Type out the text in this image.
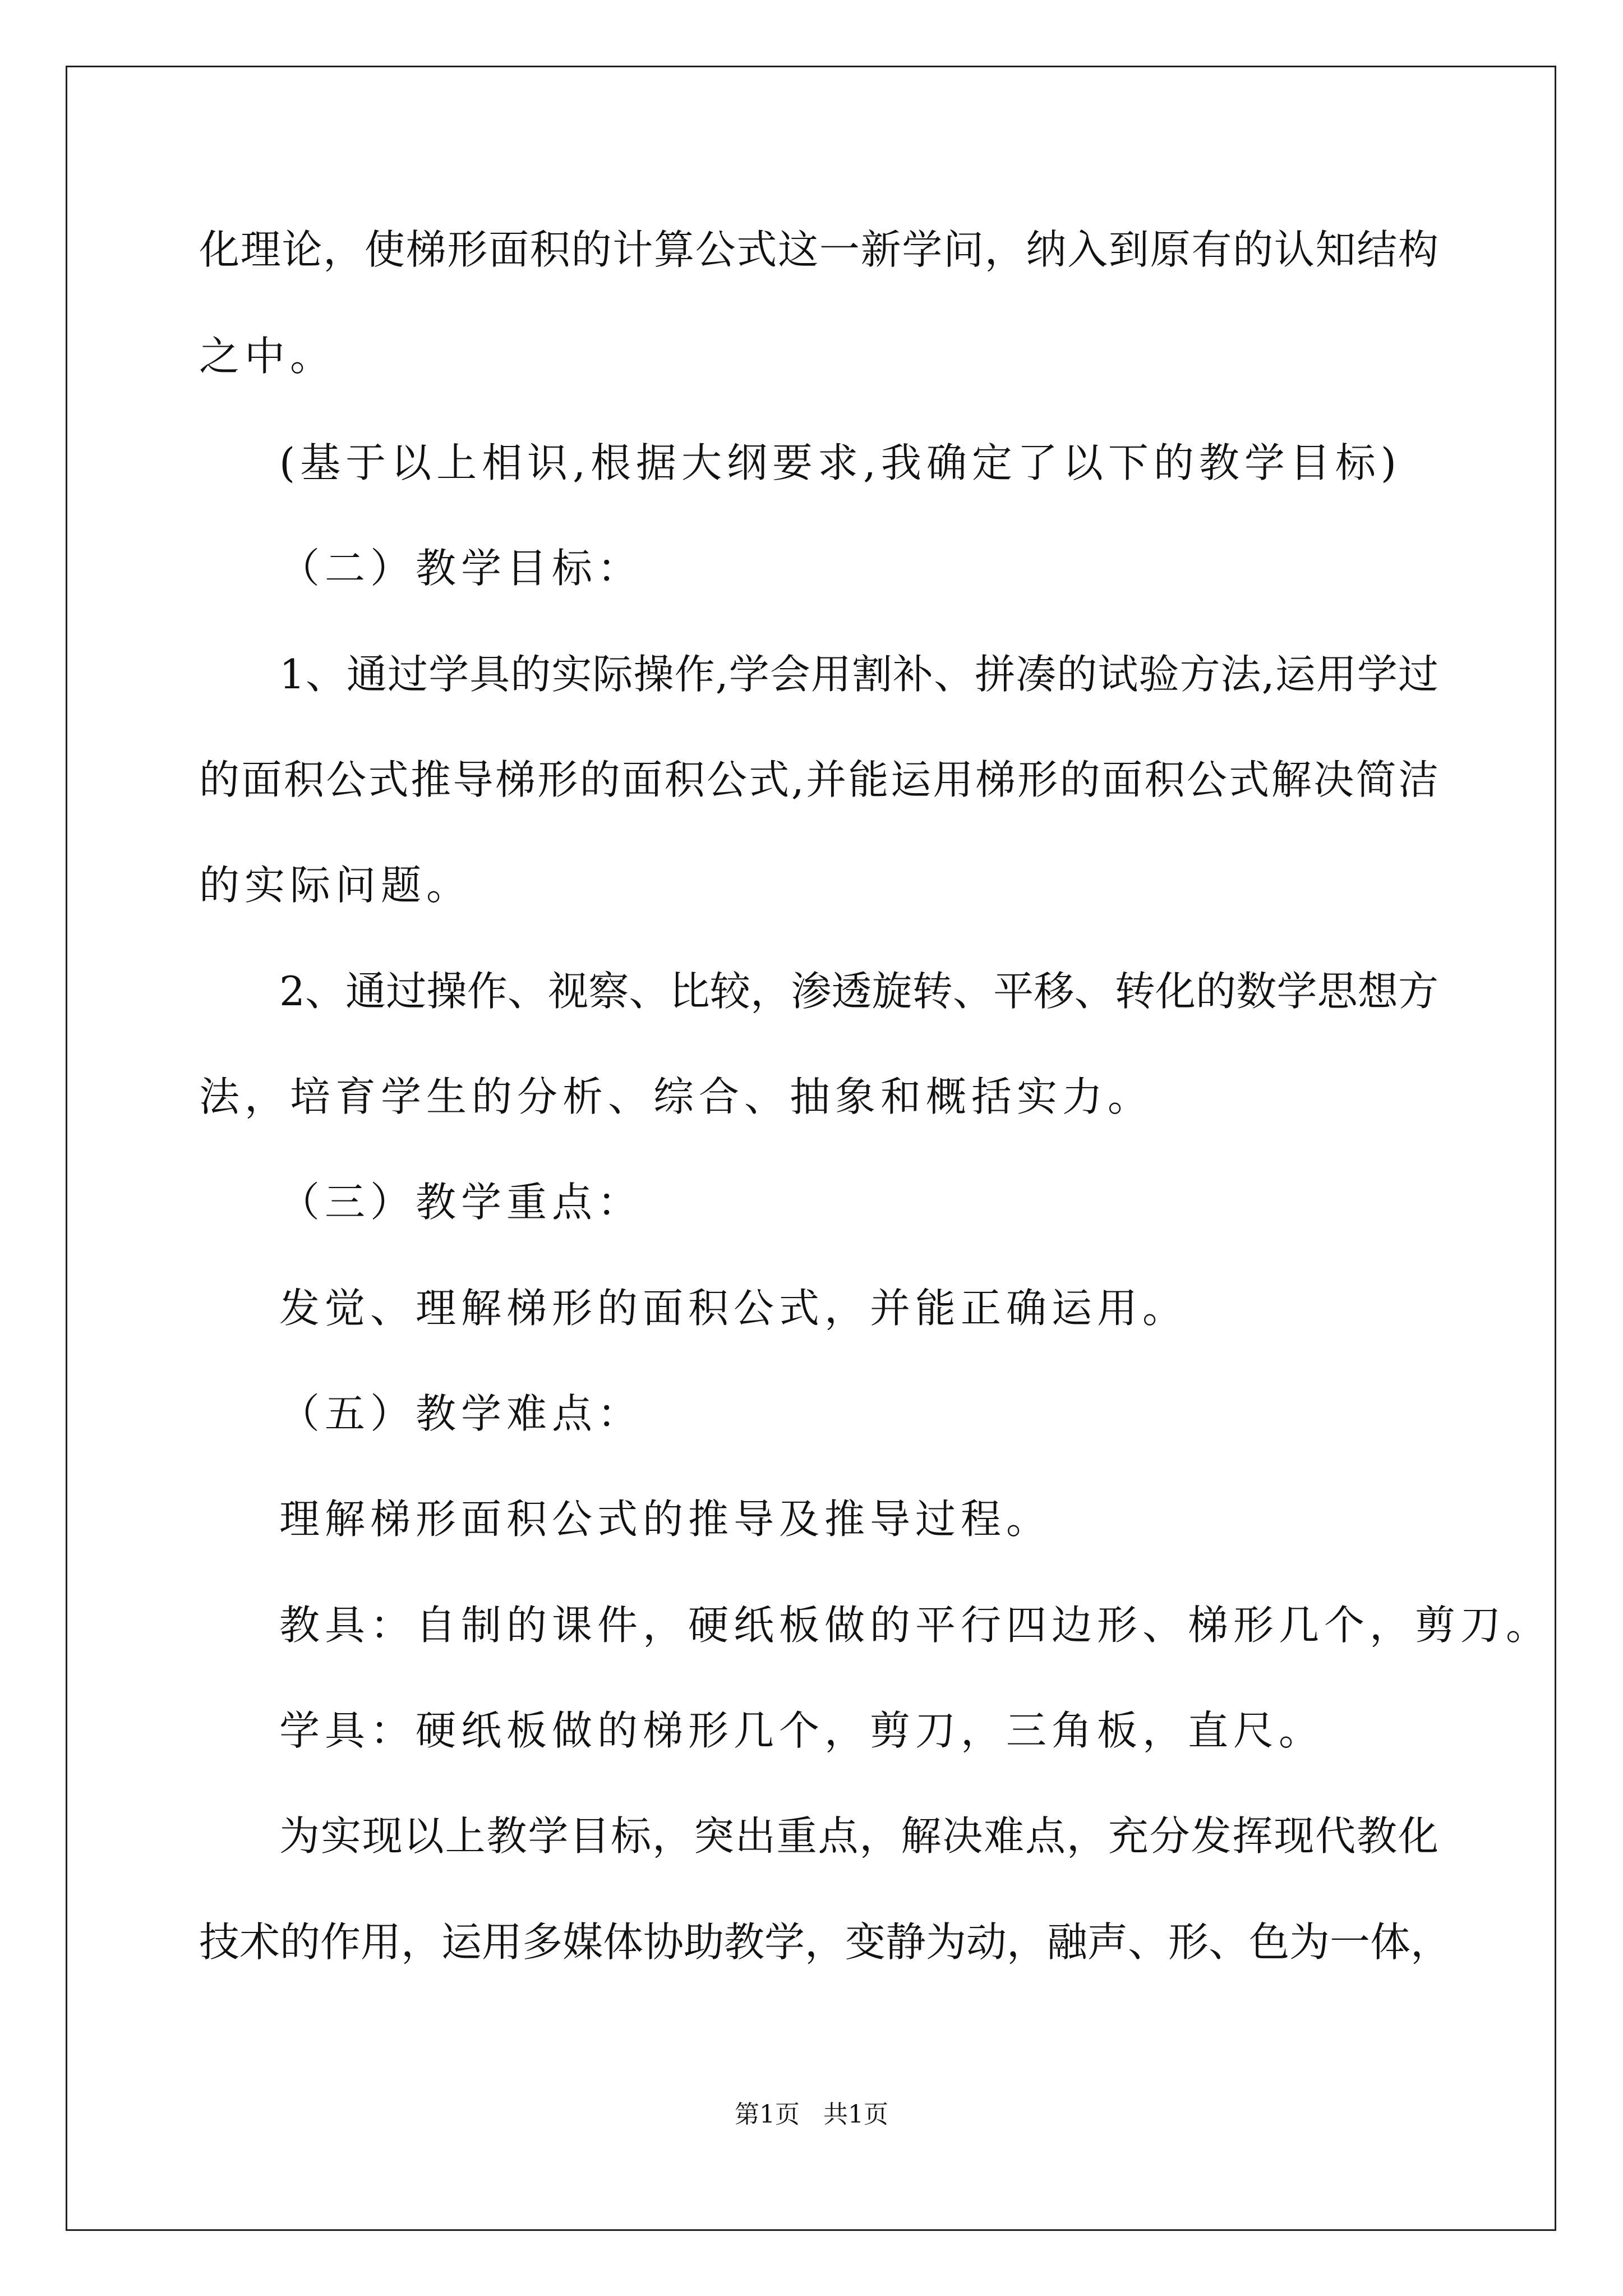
化理论，使梯形面积的计算公式这一新学问，纳入到原有的认知结构
之中。
(基于以上相识,根据大纲要求,我确定了以下的教学目标)
（二）教学目标：
1、通过学具的实际操作,学会用割补、拼凑的试验方法,运用学过
的面积公式推导梯形的面积公式,并能运用梯形的面积公式解决简洁
的实际问题。
2、通过操作、视察、比较，渗透旋转、平移、转化的数学思想方
法，培育学生的分析、综合、抽象和概括实力。
（三）教学重点：
发觉、理解梯形的面积公式，并能正确运用。
（五）教学难点：
理解梯形面积公式的推导及推导过程。
教具：自制的课件，硬纸板做的平行四边形、梯形几个，剪刀。
学具：硬纸板做的梯形几个，剪刀，三角板，直尺。
为实现以上教学目标，突出重点，解决难点，充分发挥现代教化
技术的作用，运用多媒体协助教学，变静为动，融声、形、色为一体，
第1页   共1页
